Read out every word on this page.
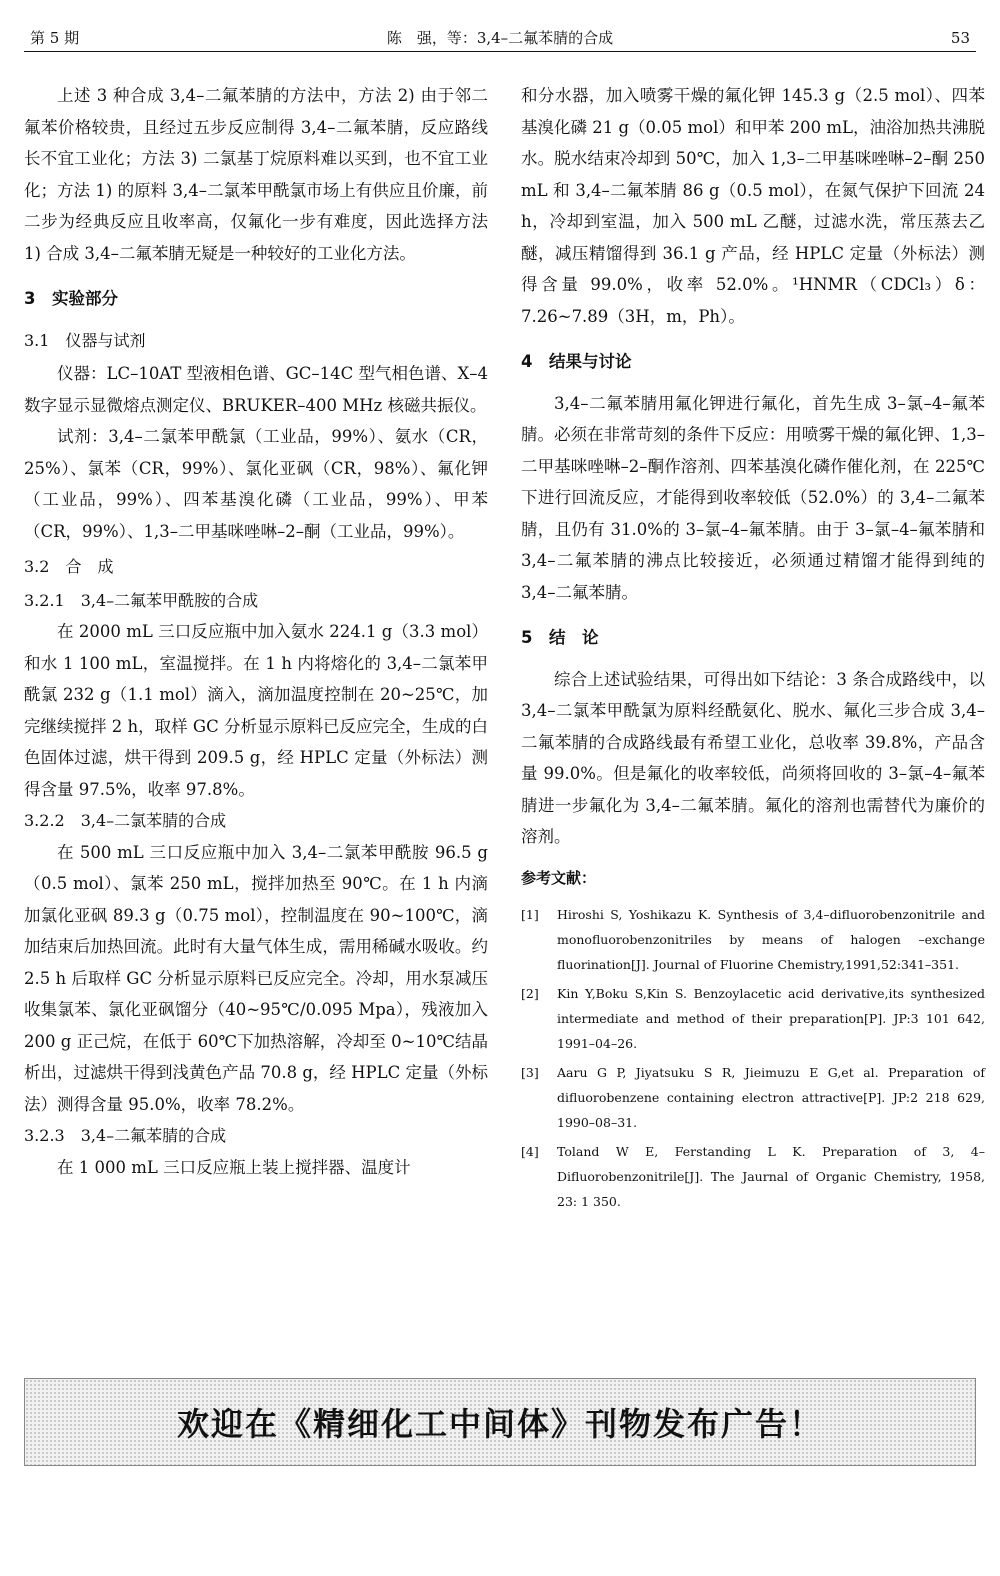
第 5 期	陈　强，等：3,4–二氟苯腈的合成	53

上述 3 种合成 3,4–二氟苯腈的方法中，方法 2) 由于邻二氟苯价格较贵，且经过五步反应制得 3,4–二氟苯腈，反应路线长不宜工业化；方法 3) 二氯基丁烷原料难以买到，也不宜工业化；方法 1) 的原料 3,4–二氯苯甲酰氯市场上有供应且价廉，前二步为经典反应且收率高，仅氟化一步有难度，因此选择方法 1) 合成 3,4–二氟苯腈无疑是一种较好的工业化方法。

3　实验部分
3.1　仪器与试剂

仪器：LC–10AT 型液相色谱、GC–14C 型气相色谱、X–4 数字显示显微熔点测定仪、BRUKER–400 MHz 核磁共振仪。

试剂：3,4–二氯苯甲酰氯（工业品，99%）、氨水（CR，25%）、氯苯（CR，99%）、氯化亚砜（CR，98%）、氟化钾（工业品，99%）、四苯基溴化磷（工业品，99%）、甲苯（CR，99%）、1,3–二甲基咪唑啉–2–酮（工业品，99%）。

3.2　合　成
3.2.1　3,4–二氟苯甲酰胺的合成

在 2000 mL 三口反应瓶中加入氨水 224.1 g（3.3 mol）和水 1 100 mL，室温搅拌。在 1 h 内将熔化的 3,4–二氯苯甲酰氯 232 g（1.1 mol）滴入，滴加温度控制在 20~25℃，加完继续搅拌 2 h，取样 GC 分析显示原料已反应完全，生成的白色固体过滤，烘干得到 209.5 g，经 HPLC 定量（外标法）测得含量 97.5%，收率 97.8%。

3.2.2　3,4–二氯苯腈的合成

在 500 mL 三口反应瓶中加入 3,4–二氯苯甲酰胺 96.5 g（0.5 mol）、氯苯 250 mL，搅拌加热至 90℃。在 1 h 内滴加氯化亚砜 89.3 g（0.75 mol），控制温度在 90~100℃，滴加结束后加热回流。此时有大量气体生成，需用稀碱水吸收。约 2.5 h 后取样 GC 分析显示原料已反应完全。冷却，用水泵减压收集氯苯、氯化亚砜馏分（40~95℃/0.095 Mpa），残液加入 200 g 正己烷，在低于 60℃下加热溶解，冷却至 0~10℃结晶析出，过滤烘干得到浅黄色产品 70.8 g，经 HPLC 定量（外标法）测得含量 95.0%，收率 78.2%。

3.2.3　3,4–二氟苯腈的合成

在 1 000 mL 三口反应瓶上装上搅拌器、温度计

和分水器，加入喷雾干燥的氟化钾 145.3 g（2.5 mol）、四苯基溴化磷 21 g（0.05 mol）和甲苯 200 mL，油浴加热共沸脱水。脱水结束冷却到 50℃，加入 1,3–二甲基咪唑啉–2–酮 250 mL 和 3,4–二氟苯腈 86 g（0.5 mol），在氮气保护下回流 24 h，冷却到室温，加入 500 mL 乙醚，过滤水洗，常压蒸去乙醚，减压精馏得到 36.1 g 产品，经 HPLC 定量（外标法）测得含量 99.0%，收率 52.0%。¹HNMR（CDCl₃）δ：7.26~7.89（3H，m，Ph）。

4　结果与讨论

3,4–二氟苯腈用氟化钾进行氟化，首先生成 3–氯–4–氟苯腈。必须在非常苛刻的条件下反应：用喷雾干燥的氟化钾、1,3–二甲基咪唑啉–2–酮作溶剂、四苯基溴化磷作催化剂，在 225℃下进行回流反应，才能得到收率较低（52.0%）的 3,4–二氟苯腈，且仍有 31.0%的 3–氯–4–氟苯腈。由于 3–氯–4–氟苯腈和 3,4–二氟苯腈的沸点比较接近，必须通过精馏才能得到纯的 3,4–二氟苯腈。

5　结　论

综合上述试验结果，可得出如下结论：3 条合成路线中，以 3,4–二氯苯甲酰氯为原料经酰氨化、脱水、氟化三步合成 3,4–二氟苯腈的合成路线最有希望工业化，总收率 39.8%，产品含量 99.0%。但是氟化的收率较低，尚须将回收的 3–氯–4–氟苯腈进一步氟化为 3,4–二氟苯腈。氟化的溶剂也需替代为廉价的溶剂。

参考文献：
[1]	Hiroshi S, Yoshikazu K. Synthesis of 3,4–difluorobenzonitrile and monofluorobenzonitriles by means of halogen –exchange fluorination[J]. Journal of Fluorine Chemistry,1991,52:341–351.
[2]	Kin Y,Boku S,Kin S. Benzoylacetic acid derivative,its synthesized intermediate and method of their preparation[P]. JP:3 101 642, 1991–04–26.
[3]	Aaru G P, Jiyatsuku S R, Jieimuzu E G,et al. Preparation of difluorobenzene containing electron attractive[P]. JP:2 218 629, 1990–08–31.
[4]	Toland W E, Ferstanding L K. Preparation of 3, 4–Difluorobenzonitrile[J]. The Jaurnal of Organic Chemistry, 1958, 23: 1 350.
欢迎在《精细化工中间体》刊物发布广告！
